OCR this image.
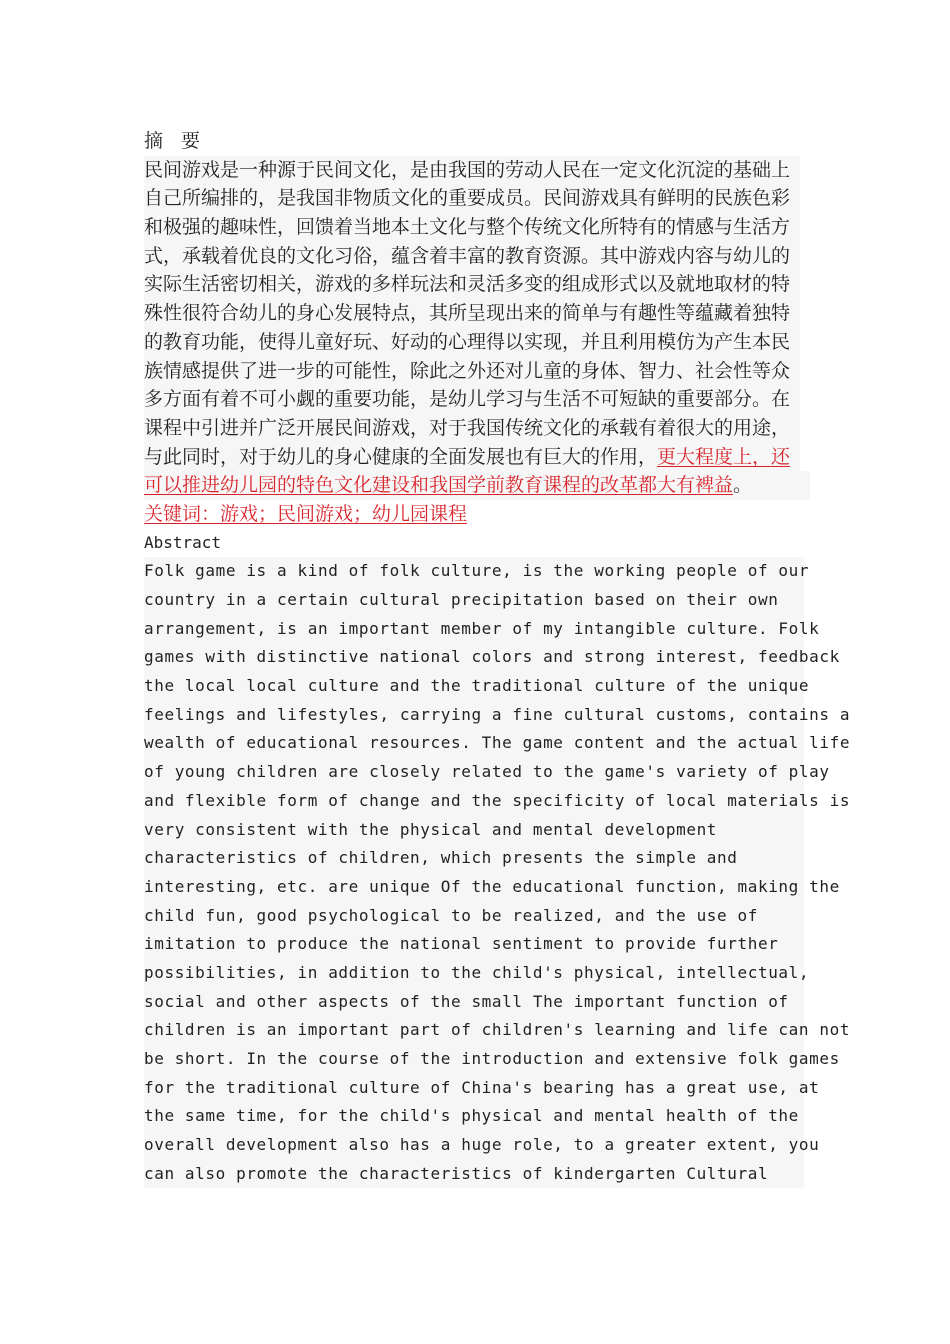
摘 要
民间游戏是一种源于民间文化，是由我国的劳动人民在一定文化沉淀的基础上
自己所编排的，是我国非物质文化的重要成员。民间游戏具有鲜明的民族色彩
和极强的趣味性，回馈着当地本土文化与整个传统文化所特有的情感与生活方
式，承载着优良的文化习俗，蕴含着丰富的教育资源。其中游戏内容与幼儿的
实际生活密切相关，游戏的多样玩法和灵活多变的组成形式以及就地取材的特
殊性很符合幼儿的身心发展特点，其所呈现出来的简单与有趣性等蕴藏着独特
的教育功能，使得儿童好玩、好动的心理得以实现，并且利用模仿为产生本民
族情感提供了进一步的可能性，除此之外还对儿童的身体、智力、社会性等众
多方面有着不可小觑的重要功能，是幼儿学习与生活不可短缺的重要部分。在
课程中引进并广泛开展民间游戏，对于我国传统文化的承载有着很大的用途，
与此同时，对于幼儿的身心健康的全面发展也有巨大的作用，更大程度上，还
可以推进幼儿园的特色文化建设和我国学前教育课程的改革都大有裨益。
关键词：游戏；民间游戏；幼儿园课程
Abstract
Folk game is a kind of folk culture, is the working people of our
country in a certain cultural precipitation based on their own
arrangement, is an important member of my intangible culture. Folk
games with distinctive national colors and strong interest, feedback
the local local culture and the traditional culture of the unique
feelings and lifestyles, carrying a fine cultural customs, contains a
wealth of educational resources. The game content and the actual life
of young children are closely related to the game's variety of play
and flexible form of change and the specificity of local materials is
very consistent with the physical and mental development
characteristics of children, which presents the simple and
interesting, etc. are unique Of the educational function, making the
child fun, good psychological to be realized, and the use of
imitation to produce the national sentiment to provide further
possibilities, in addition to the child's physical, intellectual,
social and other aspects of the small The important function of
children is an important part of children's learning and life can not
be short. In the course of the introduction and extensive folk games
for the traditional culture of China's bearing has a great use, at
the same time, for the child's physical and mental health of the
overall development also has a huge role, to a greater extent, you
can also promote the characteristics of kindergarten Cultural
